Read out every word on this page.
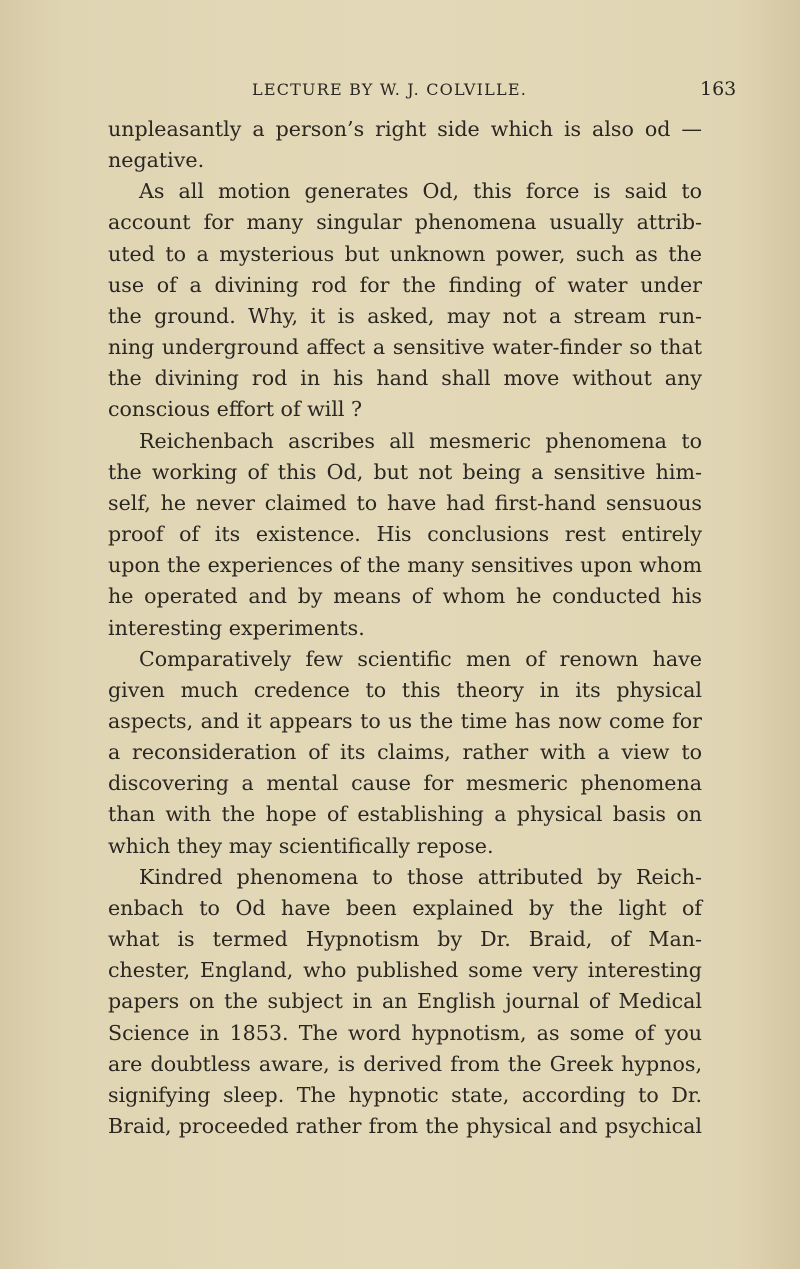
LECTURE BY W. J. COLVILLE.	163
unpleasantly a person’s right side which is also od —
negative.
As all motion generates Od, this force is said to
account for many singular phenomena usually attrib-
uted to a mysterious but unknown power, such as the
use of a divining rod for the finding of water under
the ground. Why, it is asked, may not a stream run-
ning underground affect a sensitive water-finder so that
the divining rod in his hand shall move without any
conscious effort of will ?
Reichenbach ascribes all mesmeric phenomena to
the working of this Od, but not being a sensitive him-
self, he never claimed to have had first-hand sensuous
proof of its existence. His conclusions rest entirely
upon the experiences of the many sensitives upon whom
he operated and by means of whom he conducted his
interesting experiments.
Comparatively few scientific men of renown have
given much credence to this theory in its physical
aspects, and it appears to us the time has now come for
a reconsideration of its claims, rather with a view to
discovering a mental cause for mesmeric phenomena
than with the hope of establishing a physical basis on
which they may scientifically repose.
Kindred phenomena to those attributed by Reich-
enbach to Od have been explained by the light of
what is termed Hypnotism by Dr. Braid, of Man-
chester, England, who published some very interesting
papers on the subject in an English journal of Medical
Science in 1853. The word hypnotism, as some of you
are doubtless aware, is derived from the Greek hypnos,
signifying sleep. The hypnotic state, according to Dr.
Braid, proceeded rather from the physical and psychical
